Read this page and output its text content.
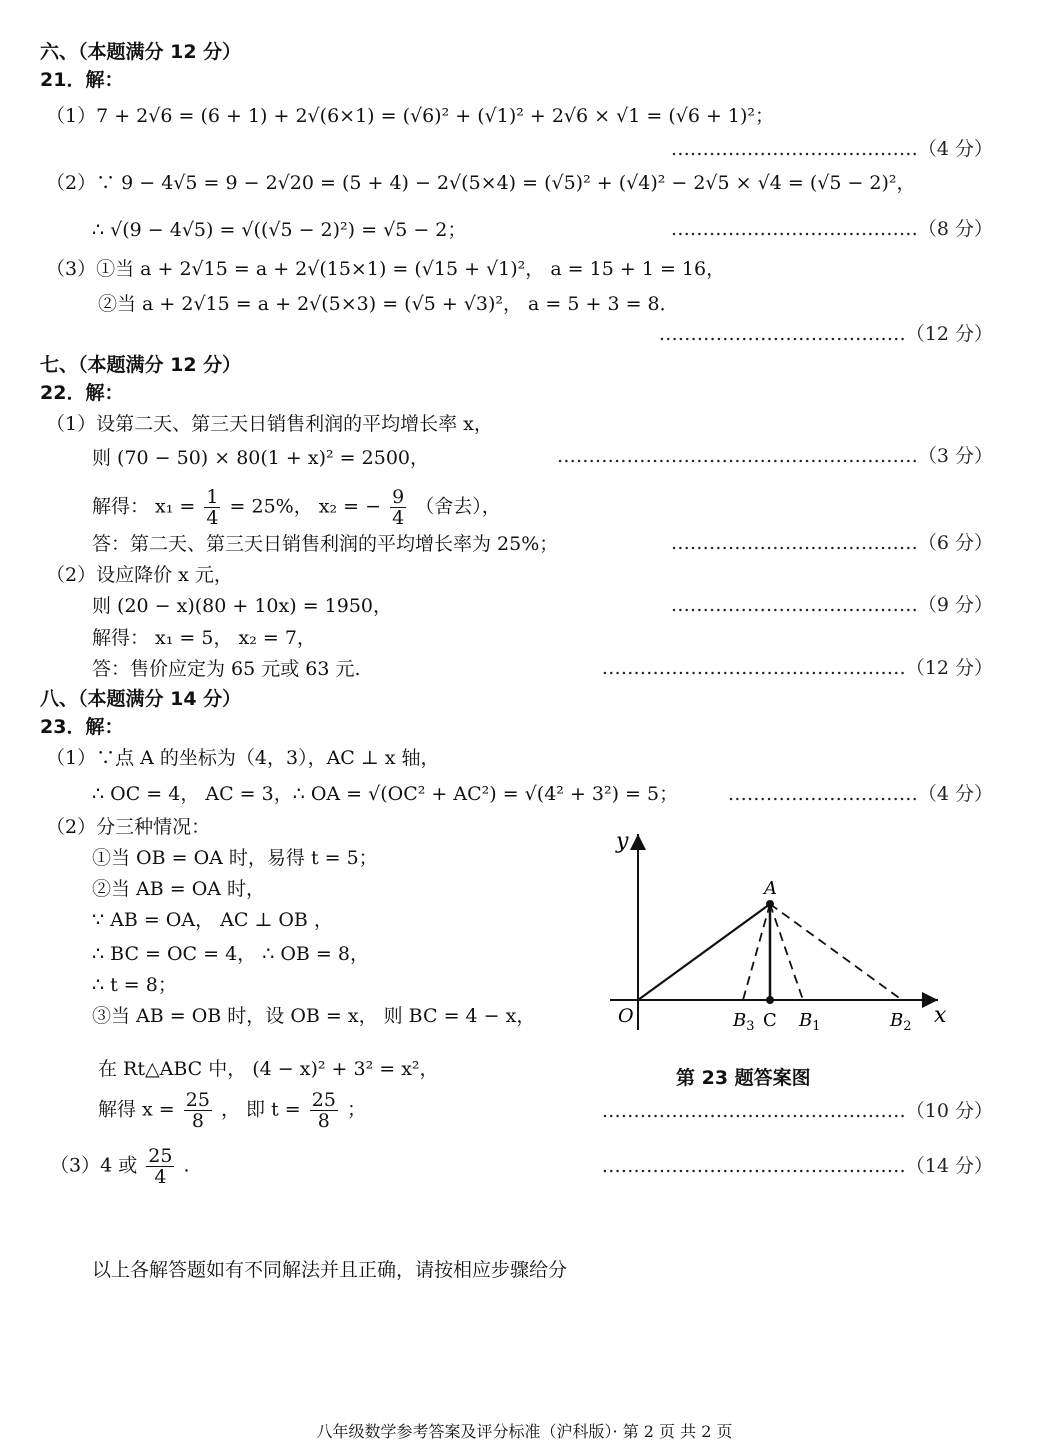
六、（本题满分 12 分）
21．解：
（1）7 + 2√6 = (6 + 1) + 2√(6×1) = (√6)² + (√1)² + 2√6 × √1 = (√6 + 1)²；
…………………………………（4 分）
（2）∵ 9 − 4√5 = 9 − 2√20 = (5 + 4) − 2√(5×4) = (√5)² + (√4)² − 2√5 × √4 = (√5 − 2)²，
∴ √(9 − 4√5) = √((√5 − 2)²) = √5 − 2；	…………………………………（8 分）
（3）①当 a + 2√15 = a + 2√(15×1) = (√15 + √1)²， a = 15 + 1 = 16，
②当 a + 2√15 = a + 2√(5×3) = (√5 + √3)²， a = 5 + 3 = 8．
…………………………………（12 分）
七、（本题满分 12 分）
22．解：
（1）设第二天、第三天日销售利润的平均增长率 x，
则 (70 − 50) × 80(1 + x)² = 2500，	…………………………………………………（3 分）
解得： $x_1 = \frac{1}{4} = 25\%$， x₂ = − $\frac{9}{4}$ （舍去），
答：第二天、第三天日销售利润的平均增长率为 25%；	…………………………………（6 分）
（2）设应降价 x 元，
则 (20 − x)(80 + 10x) = 1950，	…………………………………（9 分）
解得： x₁ = 5， x₂ = 7，
答：售价应定为 65 元或 63 元.	…………………………………………（12 分）
八、（本题满分 14 分）
23．解：
（1）∵点 A 的坐标为（4，3），AC ⊥ x 轴，
∴ OC = 4， AC = 3，∴ OA = √(OC² + AC²) = √(4² + 3²) = 5；	…………………………（4 分）
（2）分三种情况：
①当 OB = OA 时，易得 t = 5；
②当 AB = OA 时，
∵ AB = OA， AC ⊥ OB ，
∴ BC = OC = 4， ∴ OB = 8，
∴ t = 8；
③当 AB = OB 时，设 OB = x， 则 BC = 4 − x，
在 Rt△ABC 中， (4 − x)² + 3² = x²，
解得 $x = \frac{25}{8}$ ， 即 $t = \frac{25}{8}$ ；	…………………………………………（10 分）
（3）4 或 $\frac{25}{4}$ .	…………………………………………（14 分）
y
x
O
A
C
$B_3$ $B_1$	$B_2$
第 23 题答案图
以上各解答题如有不同解法并且正确，请按相应步骤给分
八年级数学参考答案及评分标准（沪科版）· 第 2 页 共 2 页
